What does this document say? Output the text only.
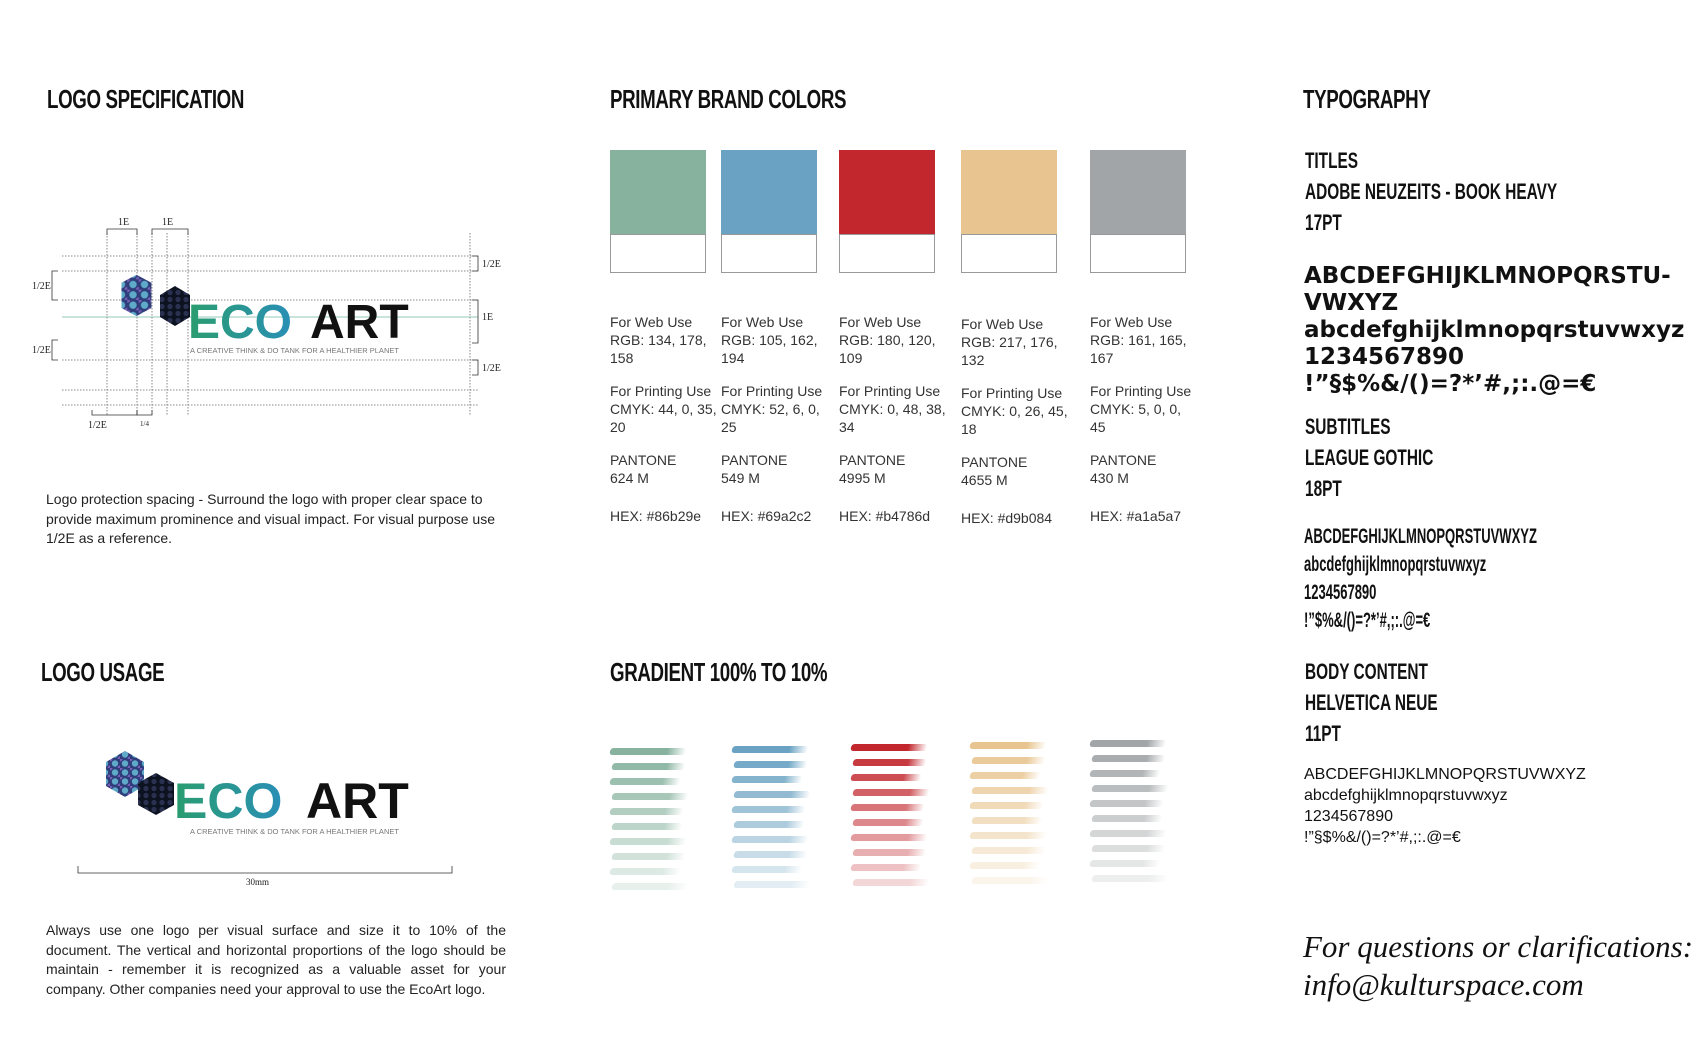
LOGO SPECIFICATION
1E	1E
1/2E
1/2E
1/2E
1E
1/2E
1/2E	1/4
ECO ART
A CREATIVE THINK & DO TANK FOR A HEALTHIER PLANET
Logo protection spacing - Surround the logo with proper clear space to provide maximum prominence and visual impact. For visual purpose use 1/2E as a reference.
LOGO USAGE
ECO ART
A CREATIVE THINK & DO TANK FOR A HEALTHIER PLANET
30mm
Always use one logo per visual surface and size it to 10% of the document. The vertical and horizontal proportions of the logo should be maintain - remember it is recognized as a valuable asset for your company. Other companies need your approval to use the EcoArt logo.
PRIMARY BRAND COLORS
For Web Use
RGB: 134, 178, 158
For Printing Use
CMYK: 44, 0, 35, 20
PANTONE
624 M
HEX: #86b29e
For Web Use
RGB: 105, 162, 194
For Printing Use
CMYK: 52, 6, 0, 25
PANTONE
549 M
HEX: #69a2c2
For Web Use
RGB: 180, 120, 109
For Printing Use
CMYK: 0, 48, 38, 34
PANTONE
4995 M
HEX: #b4786d
For Web Use
RGB: 217, 176, 132
For Printing Use
CMYK: 0, 26, 45, 18
PANTONE
4655 M
HEX: #d9b084
For Web Use
RGB: 161, 165, 167
For Printing Use
CMYK: 5, 0, 0, 45
PANTONE
430 M
HEX: #a1a5a7
GRADIENT 100% TO 10%
TYPOGRAPHY
TITLES
ADOBE NEUZEITS - BOOK HEAVY
17PT
ABCDEFGHIJKLMNOPQRSTU-
VWXYZ
abcdefghijklmnopqrstuvwxyz
1234567890
!”§$%&/()=?*’#,;:.@=€
SUBTITLES
LEAGUE GOTHIC
18PT
ABCDEFGHIJKLMNOPQRSTUVWXYZ
abcdefghijklmnopqrstuvwxyz
1234567890
!”$%&/()=?*’#,;:.@=€
BODY CONTENT
HELVETICA NEUE
11PT
ABCDEFGHIJKLMNOPQRSTUVWXYZ
abcdefghijklmnopqrstuvwxyz
1234567890
!”§$%&/()=?*’#,;:.@=€
For questions or clarifications:
info@kulturspace.com
